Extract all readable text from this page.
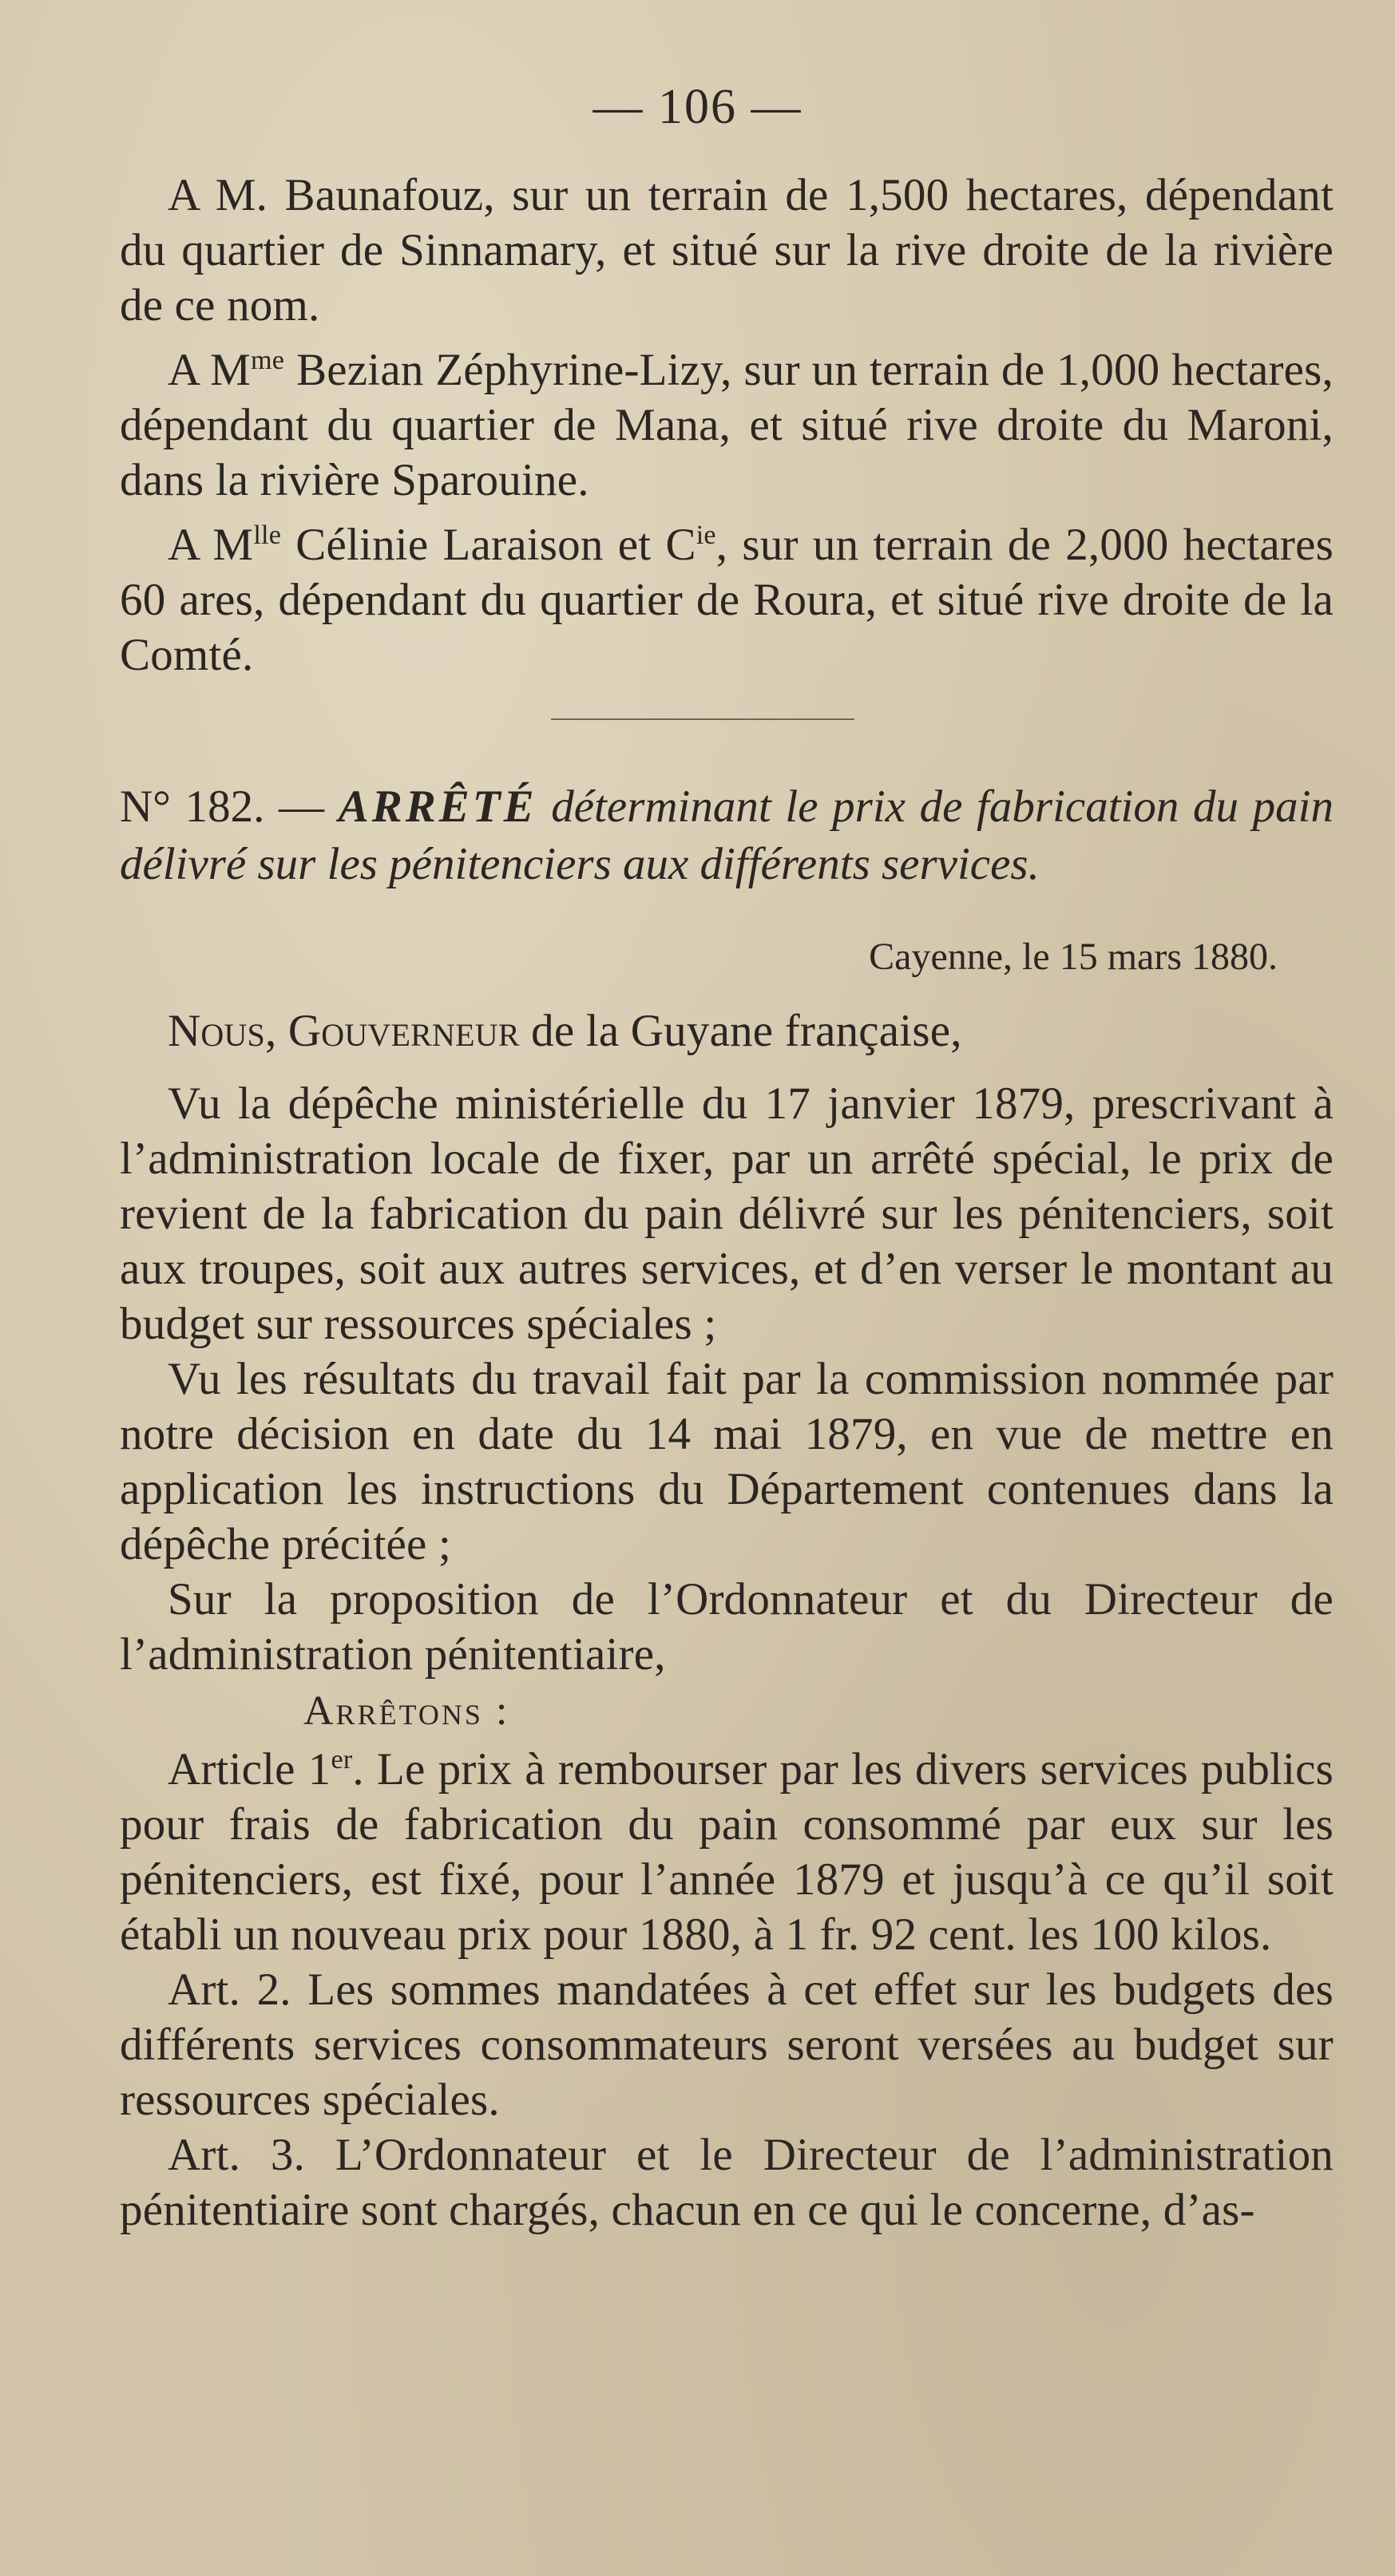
— 106 —

A M. Baunafouz, sur un terrain de 1,500 hectares, dépendant du quartier de Sinnamary, et situé sur la rive droite de la rivière de ce nom.

A $M^{me}$ Bezian Zéphyrine-Lizy, sur un terrain de 1,000 hectares, dépendant du quartier de Mana, et situé rive droite du Maroni, dans la rivière Sparouine.

A $M^{lle}$ Célinie Laraison et $C^{ie}$, sur un terrain de 2,000 hectares 60 ares, dépendant du quartier de Roura, et situé rive droite de la Comté.

N° 182. — ARRÊTÉ déterminant le prix de fabrication du pain délivré sur les pénitenciers aux différents services.

Cayenne, le 15 mars 1880.

Nous, Gouverneur de la Guyane française,

Vu la dépêche ministérielle du 17 janvier 1879, prescrivant à l’administration locale de fixer, par un arrêté spécial, le prix de revient de la fabrication du pain délivré sur les pénitenciers, soit aux troupes, soit aux autres services, et d’en verser le montant au budget sur ressources spéciales ;

Vu les résultats du travail fait par la commission nommée par notre décision en date du 14 mai 1879, en vue de mettre en application les instructions du Département contenues dans la dépêche précitée ;

Sur la proposition de l’Ordonnateur et du Directeur de l’administration pénitentiaire,

Arrêtons :

Article 1er. Le prix à rembourser par les divers services publics pour frais de fabrication du pain consommé par eux sur les pénitenciers, est fixé, pour l’année 1879 et jusqu’à ce qu’il soit établi un nouveau prix pour 1880, à 1 fr. 92 cent. les 100 kilos.

Art. 2. Les sommes mandatées à cet effet sur les budgets des différents services consommateurs seront versées au budget sur ressources spéciales.

Art. 3. L’Ordonnateur et le Directeur de l’administration pénitentiaire sont chargés, chacun en ce qui le concerne, d’as-
